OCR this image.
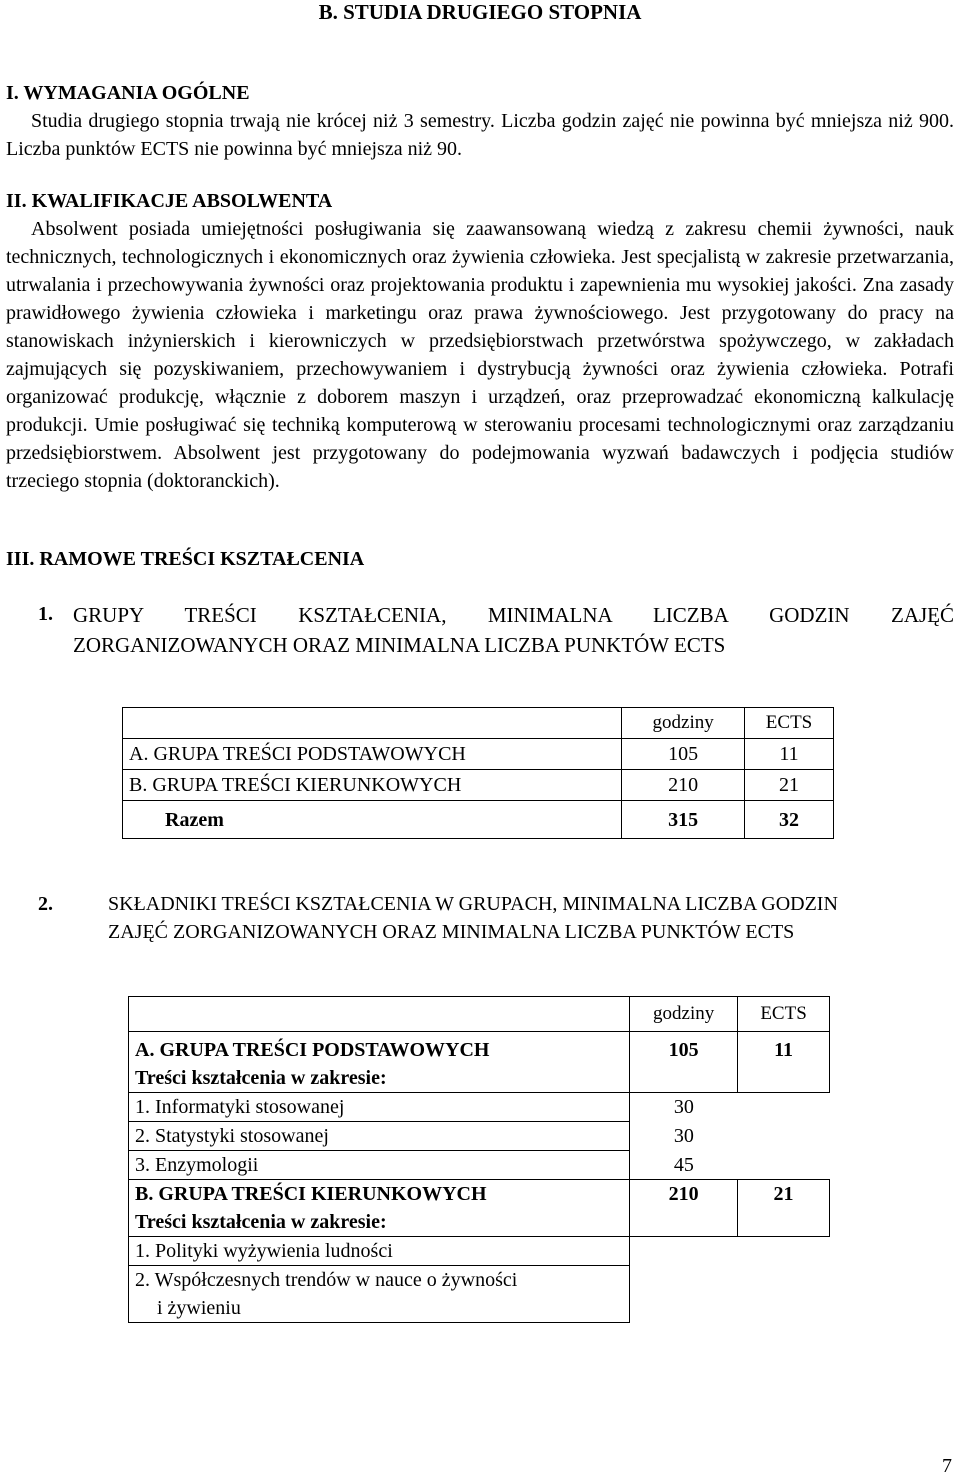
B. STUDIA DRUGIEGO STOPNIA
I. WYMAGANIA OGÓLNE
Studia drugiego stopnia trwają nie krócej niż 3 semestry. Liczba godzin zajęć nie powinna być mniejsza niż 900. Liczba punktów ECTS nie powinna być mniejsza niż 90.
II. KWALIFIKACJE ABSOLWENTA
Absolwent posiada umiejętności posługiwania się zaawansowaną wiedzą z zakresu chemii żywności, nauk technicznych, technologicznych i ekonomicznych oraz żywienia człowieka. Jest specjalistą w zakresie przetwarzania, utrwalania i przechowywania żywności oraz projektowania produktu i zapewnienia mu wysokiej jakości. Zna zasady prawidłowego żywienia człowieka i marketingu oraz prawa żywnościowego. Jest przygotowany do pracy na stanowiskach inżynierskich i kierowniczych w przedsiębiorstwach przetwórstwa spożywczego, w zakładach zajmujących się pozyskiwaniem, przechowywaniem i dystrybucją żywności oraz żywienia człowieka. Potrafi organizować produkcję, włącznie z doborem maszyn i urządzeń, oraz przeprowadzać ekonomiczną kalkulację produkcji. Umie posługiwać się techniką komputerową w sterowaniu procesami technologicznymi oraz zarządzaniu przedsiębiorstwem. Absolwent jest przygotowany do podejmowania wyzwań badawczych i podjęcia studiów trzeciego stopnia (doktoranckich).
III. RAMOWE TREŚCI KSZTAŁCENIA
1. GRUPY TREŚCI KSZTAŁCENIA, MINIMALNA LICZBA GODZIN ZAJĘĆ ZORGANIZOWANYCH ORAZ MINIMALNA LICZBA PUNKTÓW ECTS
	godziny	ECTS
A. GRUPA TREŚCI PODSTAWOWYCH	105	11
B. GRUPA TREŚCI KIERUNKOWYCH	210	21
Razem	315	32
2.	SKŁADNIKI TREŚCI KSZTAŁCENIA W GRUPACH, MINIMALNA LICZBA GODZIN ZAJĘĆ ZORGANIZOWANYCH ORAZ MINIMALNA LICZBA PUNKTÓW ECTS
	godziny	ECTS

A. GRUPA TREŚCI PODSTAWOWYCH
Treści kształcenia w zakresie:	105	11
1. Informatyki stosowanej	30	
2. Statystyki stosowanej	30	
3. Enzymologii	45	

B. GRUPA TREŚCI KIERUNKOWYCH
Treści kształcenia w zakresie:	210	21
1. Polityki wyżywienia ludności		

2. Współczesnych trendów w nauce o żywności
i żywieniu		

7
